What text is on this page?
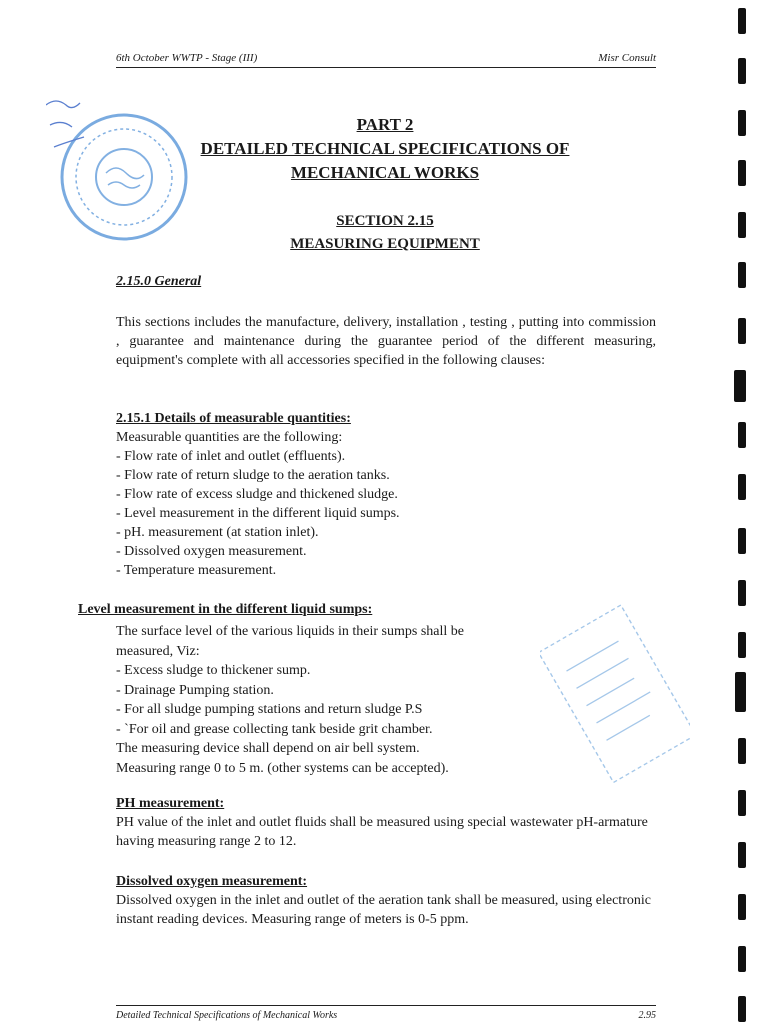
6th October WWTP - Stage (III)	Misr Consult
PART 2
DETAILED TECHNICAL SPECIFICATIONS OF
MECHANICAL WORKS
SECTION 2.15
MEASURING EQUIPMENT
2.15.0 General
This sections includes the manufacture, delivery, installation , testing , putting into commission , guarantee and maintenance during the guarantee period of the different measuring, equipment's complete with all accessories specified in the following clauses:
2.15.1 Details of measurable quantities:
Measurable quantities are the following:
- Flow rate of inlet and outlet (effluents).
- Flow rate of return sludge to the aeration tanks.
- Flow rate of excess sludge and thickened sludge.
- Level measurement in the different liquid sumps.
- pH. measurement (at station inlet).
- Dissolved oxygen measurement.
- Temperature measurement.
Level measurement in the different liquid sumps:
The surface level of the various liquids in their sumps shall be
measured, Viz:
- Excess sludge to thickener sump.
- Drainage Pumping station.
- For all sludge pumping stations and return sludge P.S
- `For oil and grease collecting tank beside grit chamber.
The measuring device shall depend on air bell system.
Measuring range 0 to 5 m. (other systems can be accepted).
PH measurement:
PH value of the inlet and outlet fluids shall be measured using special wastewater pH-armature having measuring range 2 to 12.
Dissolved oxygen measurement:
Dissolved oxygen in the inlet and outlet of the aeration tank shall be measured, using electronic instant reading devices. Measuring range of meters is 0-5 ppm.
Detailed Technical Specifications of Mechanical Works	2.95
